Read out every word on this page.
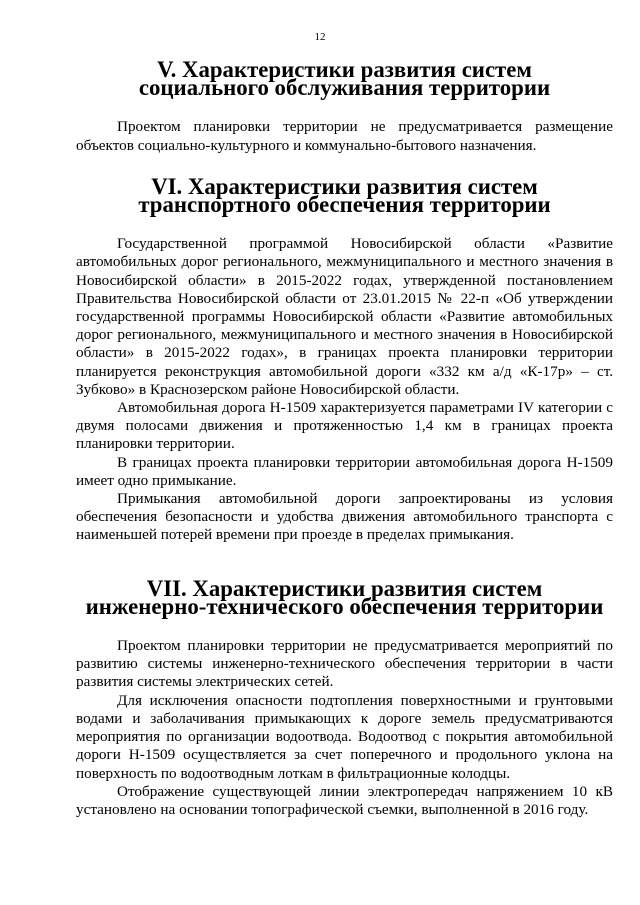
12
V. Характеристики развития систем
социального обслуживания территории

Проектом планировки территории не предусматривается размещение объектов социально-культурного и коммунально-бытового назначения.

VI. Характеристики развития систем
транспортного обеспечения территории

Государственной программой Новосибирской области «Развитие автомобильных дорог регионального, межмуниципального и местного значения в Новосибирской области» в 2015-2022 годах, утвержденной постановлением Правительства Новосибирской области от 23.01.2015 № 22-п «Об утверждении государственной программы Новосибирской области «Развитие автомобильных дорог регионального, межмуниципального и местного значения в Новосибирской области» в 2015-2022 годах», в границах проекта планировки территории планируется реконструкция автомобильной дороги «332 км а/д «К-17р» – ст. Зубково» в Краснозерском районе Новосибирской области.

Автомобильная дорога Н-1509 характеризуется параметрами IV категории с двумя полосами движения и протяженностью 1,4 км в границах проекта планировки территории.

В границах проекта планировки территории автомобильная дорога Н-1509 имеет одно примыкание.

Примыкания автомобильной дороги запроектированы из условия обеспечения безопасности и удобства движения автомобильного транспорта с наименьшей потерей времени при проезде в пределах примыкания.

VII. Характеристики развития систем
инженерно-технического обеспечения территории

Проектом планировки территории не предусматривается мероприятий по развитию системы инженерно-технического обеспечения территории в части развития системы электрических сетей.

Для исключения опасности подтопления поверхностными и грунтовыми водами и заболачивания примыкающих к дороге земель предусматриваются мероприятия по организации водоотвода. Водоотвод с покрытия автомобильной дороги Н-1509 осуществляется за счет поперечного и продольного уклона на поверхность по водоотводным лоткам в фильтрационные колодцы.

Отображение существующей линии электропередач напряжением 10 кВ установлено на основании топографической съемки, выполненной в 2016 году.
